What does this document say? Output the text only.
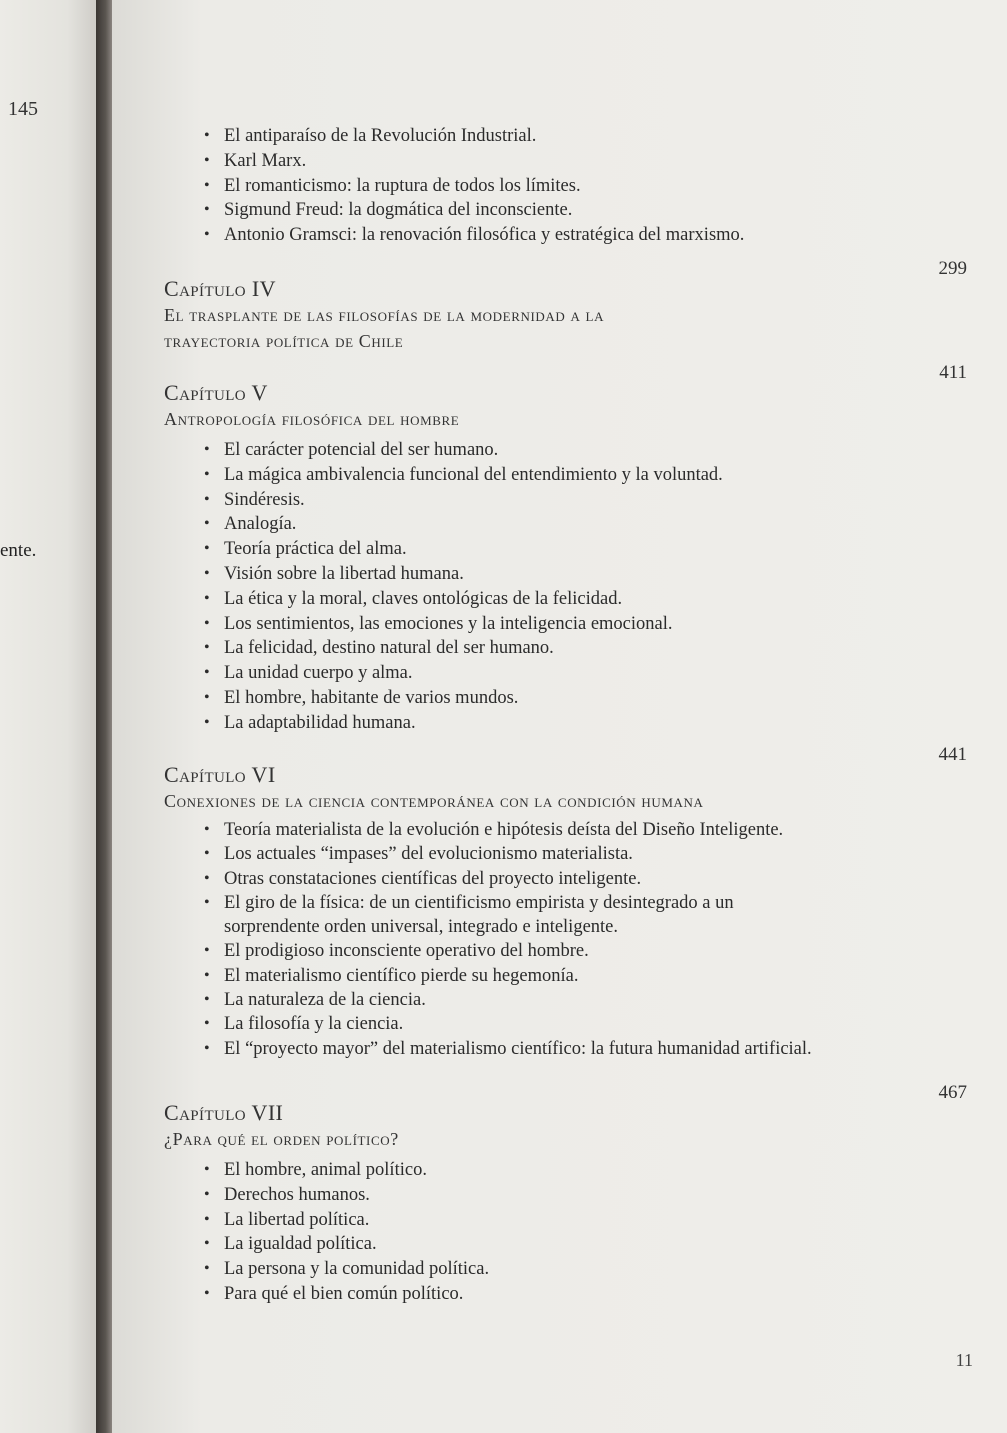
145
ente.
• El antiparaíso de la Revolución Industrial.
• Karl Marx.
• El romanticismo: la ruptura de todos los límites.
• Sigmund Freud: la dogmática del inconsciente.
• Antonio Gramsci: la renovación filosófica y estratégica del marxismo.
299
Capítulo IV
El trasplante de las filosofías de la modernidad a la
trayectoria política de Chile
411
Capítulo V
Antropología filosófica del hombre
• El carácter potencial del ser humano.
• La mágica ambivalencia funcional del entendimiento y la voluntad.
• Sindéresis.
• Analogía.
• Teoría práctica del alma.
• Visión sobre la libertad humana.
• La ética y la moral, claves ontológicas de la felicidad.
• Los sentimientos, las emociones y la inteligencia emocional.
• La felicidad, destino natural del ser humano.
• La unidad cuerpo y alma.
• El hombre, habitante de varios mundos.
• La adaptabilidad humana.
441
Capítulo VI
Conexiones de la ciencia contemporánea con la condición humana
• Teoría materialista de la evolución e hipótesis deísta del Diseño Inteligente.
• Los actuales “impases” del evolucionismo materialista.
• Otras constataciones científicas del proyecto inteligente.
• El giro de la física: de un cientificismo empirista y desintegrado a un sorprendente orden universal, integrado e inteligente.
• El prodigioso inconsciente operativo del hombre.
• El materialismo científico pierde su hegemonía.
• La naturaleza de la ciencia.
• La filosofía y la ciencia.
• El “proyecto mayor” del materialismo científico: la futura humanidad artificial.
467
Capítulo VII
¿Para qué el orden político?
• El hombre, animal político.
• Derechos humanos.
• La libertad política.
• La igualdad política.
• La persona y la comunidad política.
• Para qué el bien común político.
11
